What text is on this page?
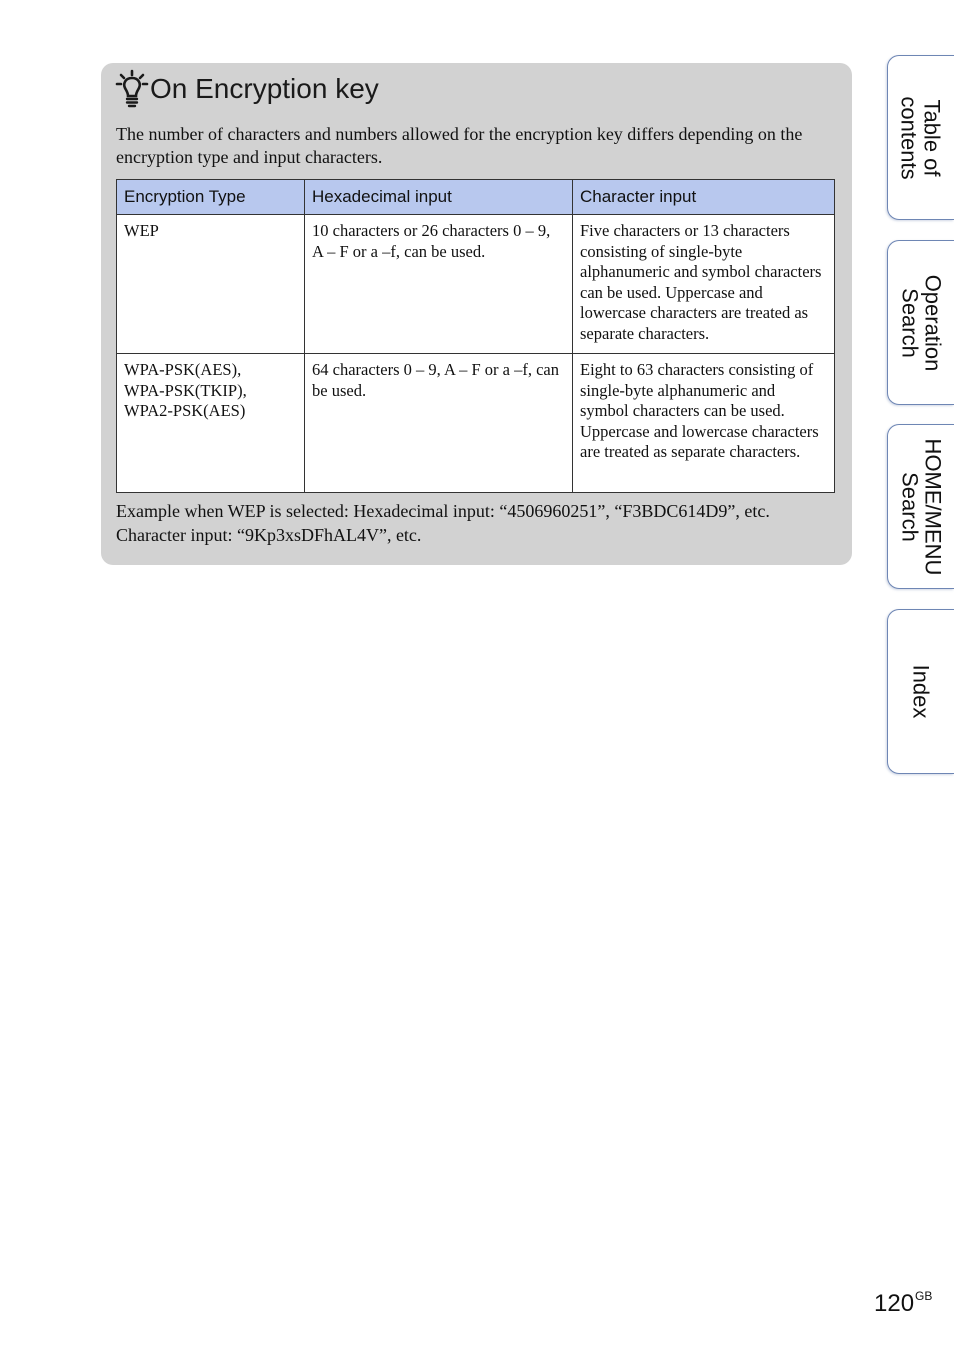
On Encryption key

The number of characters and numbers allowed for the encryption key differs depending on the encryption type and input characters.

Encryption Type	Hexadecimal input	Character input
WEP	10 characters or 26 characters 0 – 9, A – F or a –f, can be used.	Five characters or 13 characters consisting of single-byte alphanumeric and symbol characters can be used. Uppercase and lowercase characters are treated as separate characters.
WPA-PSK(AES),
WPA-PSK(TKIP),
WPA2-PSK(AES)	64 characters 0 – 9, A – F or a –f, can be used.	Eight to 63 characters consisting of single-byte alphanumeric and symbol characters can be used. Uppercase and lowercase characters are treated as separate characters.

Example when WEP is selected: Hexadecimal input: “4506960251”, “F3BDC614D9”, etc.
Character input: “9Kp3xsDFhAL4V”, etc.

Table of
contents
Operation
Search
HOME/MENU
Search
Index
$120^{GB}$
